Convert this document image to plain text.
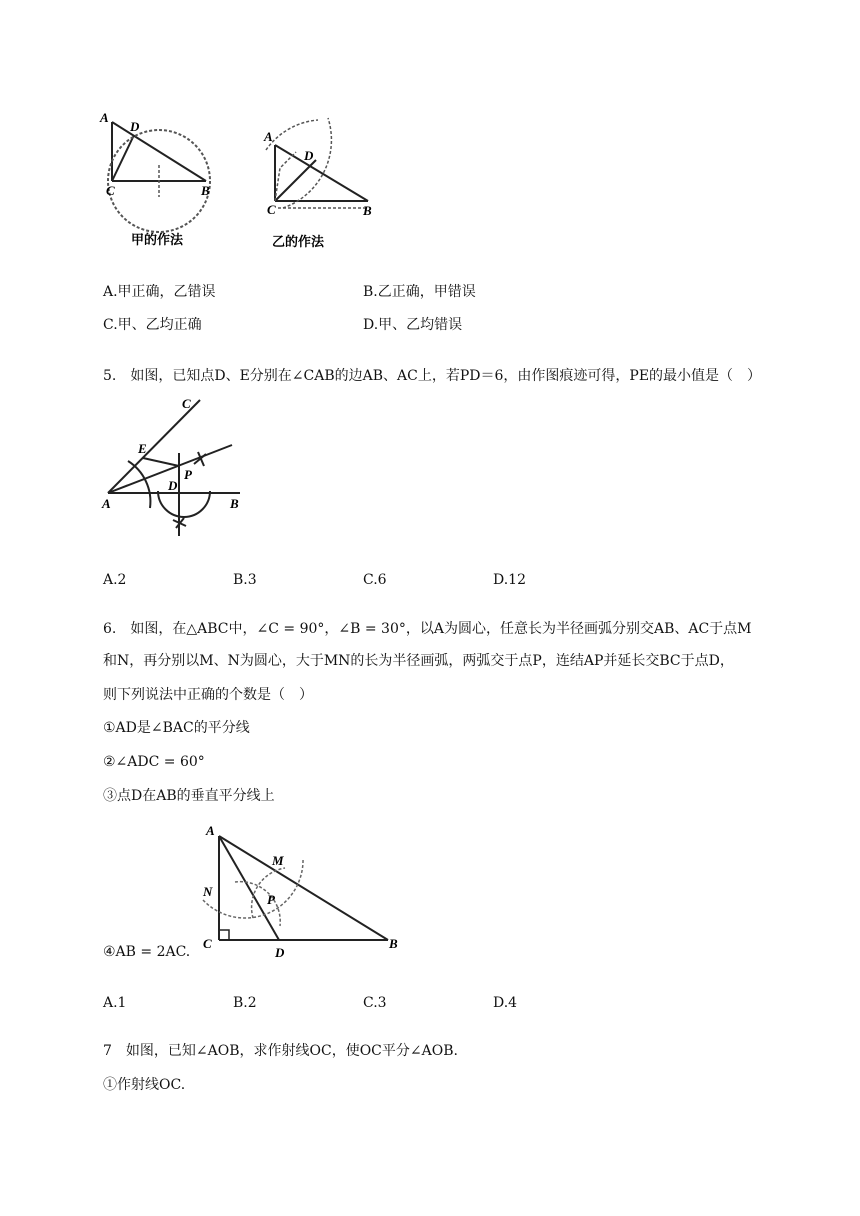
A
D
C	B
甲的作法
A
D
C	B
乙的作法
A.甲正确，乙错误	B.乙正确，甲错误
C.甲、乙均正确	D.甲、乙均错误
5.　如图，已知点D、E分别在∠CAB的边AB、AC上，若PD＝6，由作图痕迹可得，PE的最小值是（　）
C
E
P
D
A	B
A.2	B.3	C.6	D.12
6.　如图，在△ABC中，∠C = 90°，∠B = 30°，以A为圆心，任意长为半径画弧分别交AB、AC于点M
和N，再分别以M、N为圆心，大于MN的长为半径画弧，两弧交于点P，连结AP并延长交BC于点D，
则下列说法中正确的个数是（　）
①AD是∠BAC的平分线
②∠ADC = 60°
③点D在AB的垂直平分线上
④AB = 2AC.
A
M
N
P
C
D
B
A.1	B.2	C.3	D.4
7　如图，已知∠AOB，求作射线OC，使OC平分∠AOB.
①作射线OC.
